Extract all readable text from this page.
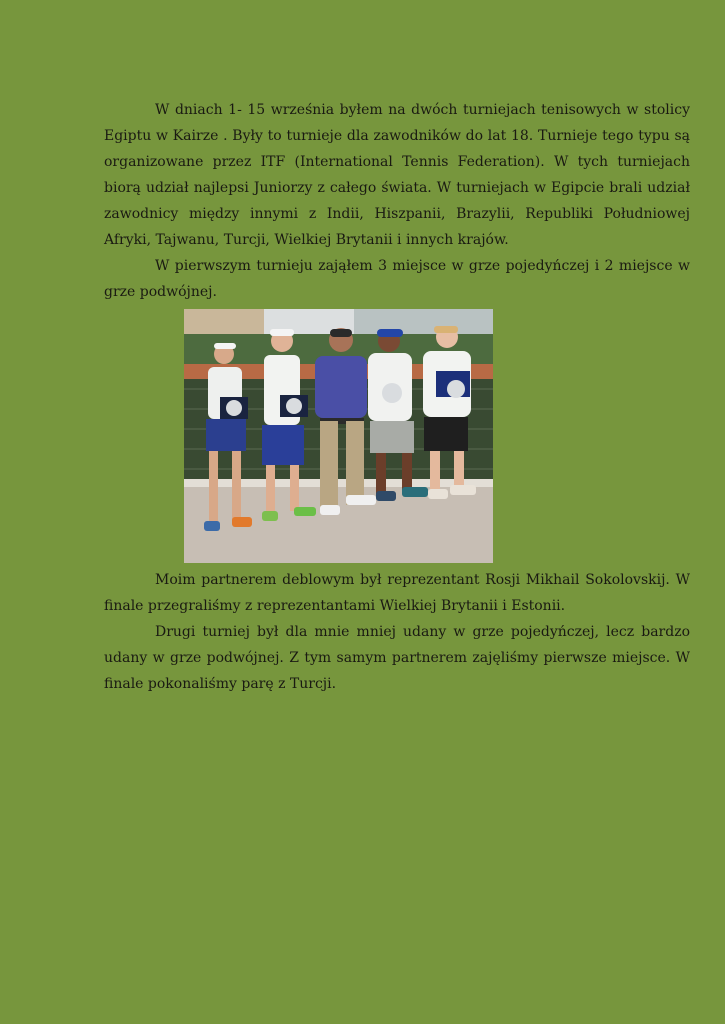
W dniach 1- 15 września byłem na dwóch turniejach tenisowych w stolicy Egiptu w Kairze . Były to turnieje dla zawodników do lat 18. Turnieje tego typu są organizowane przez ITF (International Tennis Federation). W tych turniejach biorą udział najlepsi Juniorzy z całego świata. W turniejach w Egipcie brali udział zawodnicy między innymi z Indii, Hiszpanii, Brazylii, Republiki Południowej Afryki, Tajwanu, Turcji, Wielkiej Brytanii i innych krajów.

W pierwszym turnieju zająłem 3 miejsce w grze pojedyńczej i 2 miejsce w grze podwójnej.

Moim partnerem deblowym był reprezentant Rosji Mikhail Sokolovskij. W finale przegraliśmy z reprezentantami Wielkiej Brytanii i Estonii.

Drugi turniej był dla mnie mniej udany w grze pojedyńczej, lecz bardzo udany w grze podwójnej. Z tym samym partnerem zajęliśmy pierwsze miejsce. W finale pokonaliśmy parę z Turcji.
